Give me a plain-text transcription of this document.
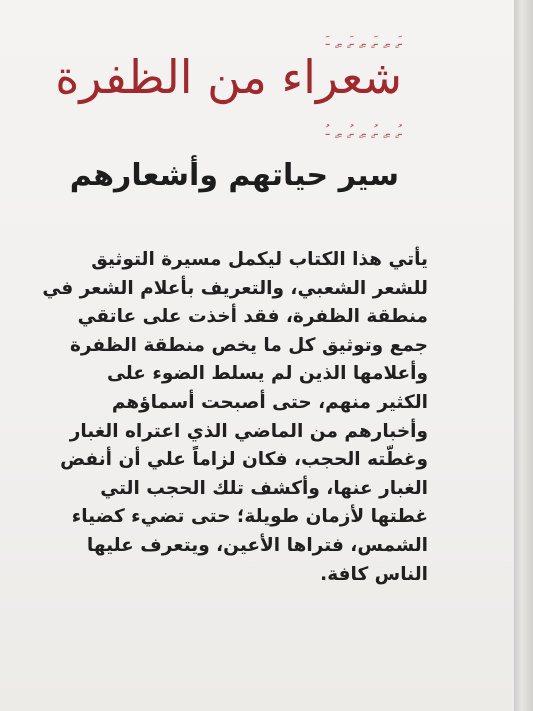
ـَ ٍ ـِ ٍ ـَ ٍ ـِ ٍ ـَ ٍ ـِ ٍ ـَ
شعراء من الظفرة
ـُ ٍ ـِ ٍ ـُ ٍ ـِ ٍ ـُ ٍ ـِ ٍ ـُ
سير حياتهم وأشعارهم
يأتي هذا الكتاب ليكمل مسيرة التوثيق
للشعر الشعبي، والتعريف بأعلام الشعر في
منطقة الظفرة، فقد أخذت على عاتقي
جمع وتوثيق كل ما يخص منطقة الظفرة
وأعلامها الذين لم يسلط الضوء على
الكثير منهم، حتى أصبحت أسماؤهم
وأخبارهم من الماضي الذي اعتراه الغبار
وغطّته الحجب، فكان لزاماً علي أن أنفض
الغبار عنها، وأكشف تلك الحجب التي
غطتها لأزمان طويلة؛ حتى تضيء كضياء
الشمس، فتراها الأعين، ويتعرف عليها
الناس كافة.
